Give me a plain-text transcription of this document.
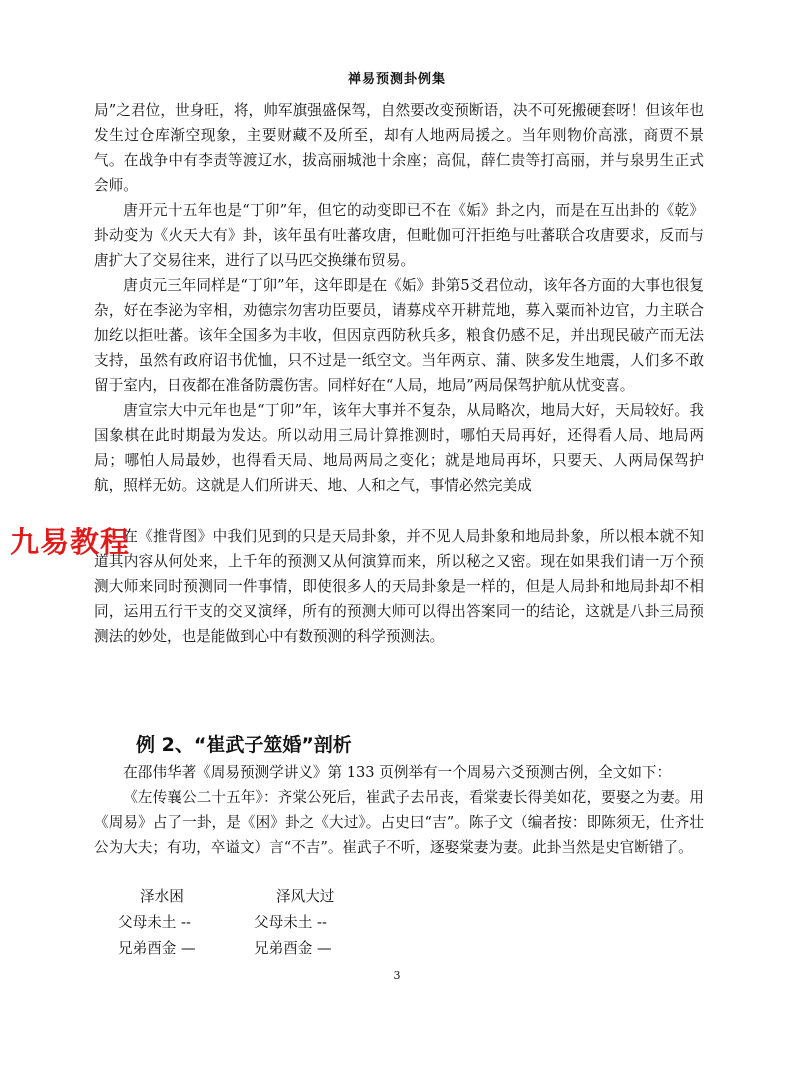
禅易预测卦例集

局”之君位，世身旺，将，帅军旗强盛保驾，自然要改变预断语，决不可死搬硬套呀！但该年也发生过仓库渐空现象，主要财藏不及所至，却有人地两局援之。当年则物价高涨，商贾不景气。在战争中有李责等渡辽水，拔高丽城池十余座；高侃，薛仁贵等打高丽，并与泉男生正式会师。

唐开元十五年也是“丁卯”年，但它的动变即已不在《姤》卦之内，而是在互出卦的《乾》卦动变为《火天大有》卦，该年虽有吐蕃攻唐，但毗伽可汗拒绝与吐蕃联合攻唐要求，反而与唐扩大了交易往来，进行了以马匹交换缣布贸易。

唐贞元三年同样是“丁卯”年，这年即是在《姤》卦第5爻君位动，该年各方面的大事也很复杂，好在李泌为宰相，劝德宗勿害功臣要员，请募戍卒开耕荒地，募入粟而补边官，力主联合加纥以拒吐蕃。该年全国多为丰收，但因京西防秋兵多，粮食仍感不足，并出现民破产而无法支持，虽然有政府诏书优恤，只不过是一纸空文。当年两京、蒲、陕多发生地震，人们多不敢留于室内，日夜都在准备防震伤害。同样好在“人局，地局”两局保驾护航从忧变喜。

唐宣宗大中元年也是“丁卯”年，该年大事并不复杂，从局略次，地局大好，天局较好。我国象棋在此时期最为发达。所以动用三局计算推测时，哪怕天局再好，还得看人局、地局两局；哪怕人局最妙，也得看天局、地局两局之变化；就是地局再坏，只要天、人两局保驾护航，照样无妨。这就是人们所讲天、地、人和之气，事情必然完美成

在《推背图》中我们见到的只是天局卦象，并不见人局卦象和地局卦象，所以根本就不知道其内容从何处来，上千年的预测又从何演算而来，所以秘之又密。现在如果我们请一万个预测大师来同时预测同一件事情，即使很多人的天局卦象是一样的，但是人局卦和地局卦却不相同，运用五行干支的交叉演绎，所有的预测大师可以得出答案同一的结论，这就是八卦三局预测法的妙处，也是能做到心中有数预测的科学预测法。

九易教程
例 2、“崔武子筮婚”剖析

在邵伟华著《周易预测学讲义》第 133 页例举有一个周易六爻预测古例，全文如下：

《左传襄公二十五年》：齐棠公死后，崔武子去吊丧，看棠妻长得美如花，要娶之为妻。用《周易》占了一卦，是《困》卦之《大过》。占史曰“吉”。陈子文（编者按：即陈须无，仕齐壮公为大夫；有功，卒谥文）言“不吉”。崔武子不听，逐娶棠妻为妻。此卦当然是史官断错了。

泽水困	泽风大过
父母未土 --	父母未土 --
兄弟酉金 —	兄弟酉金 —
3
